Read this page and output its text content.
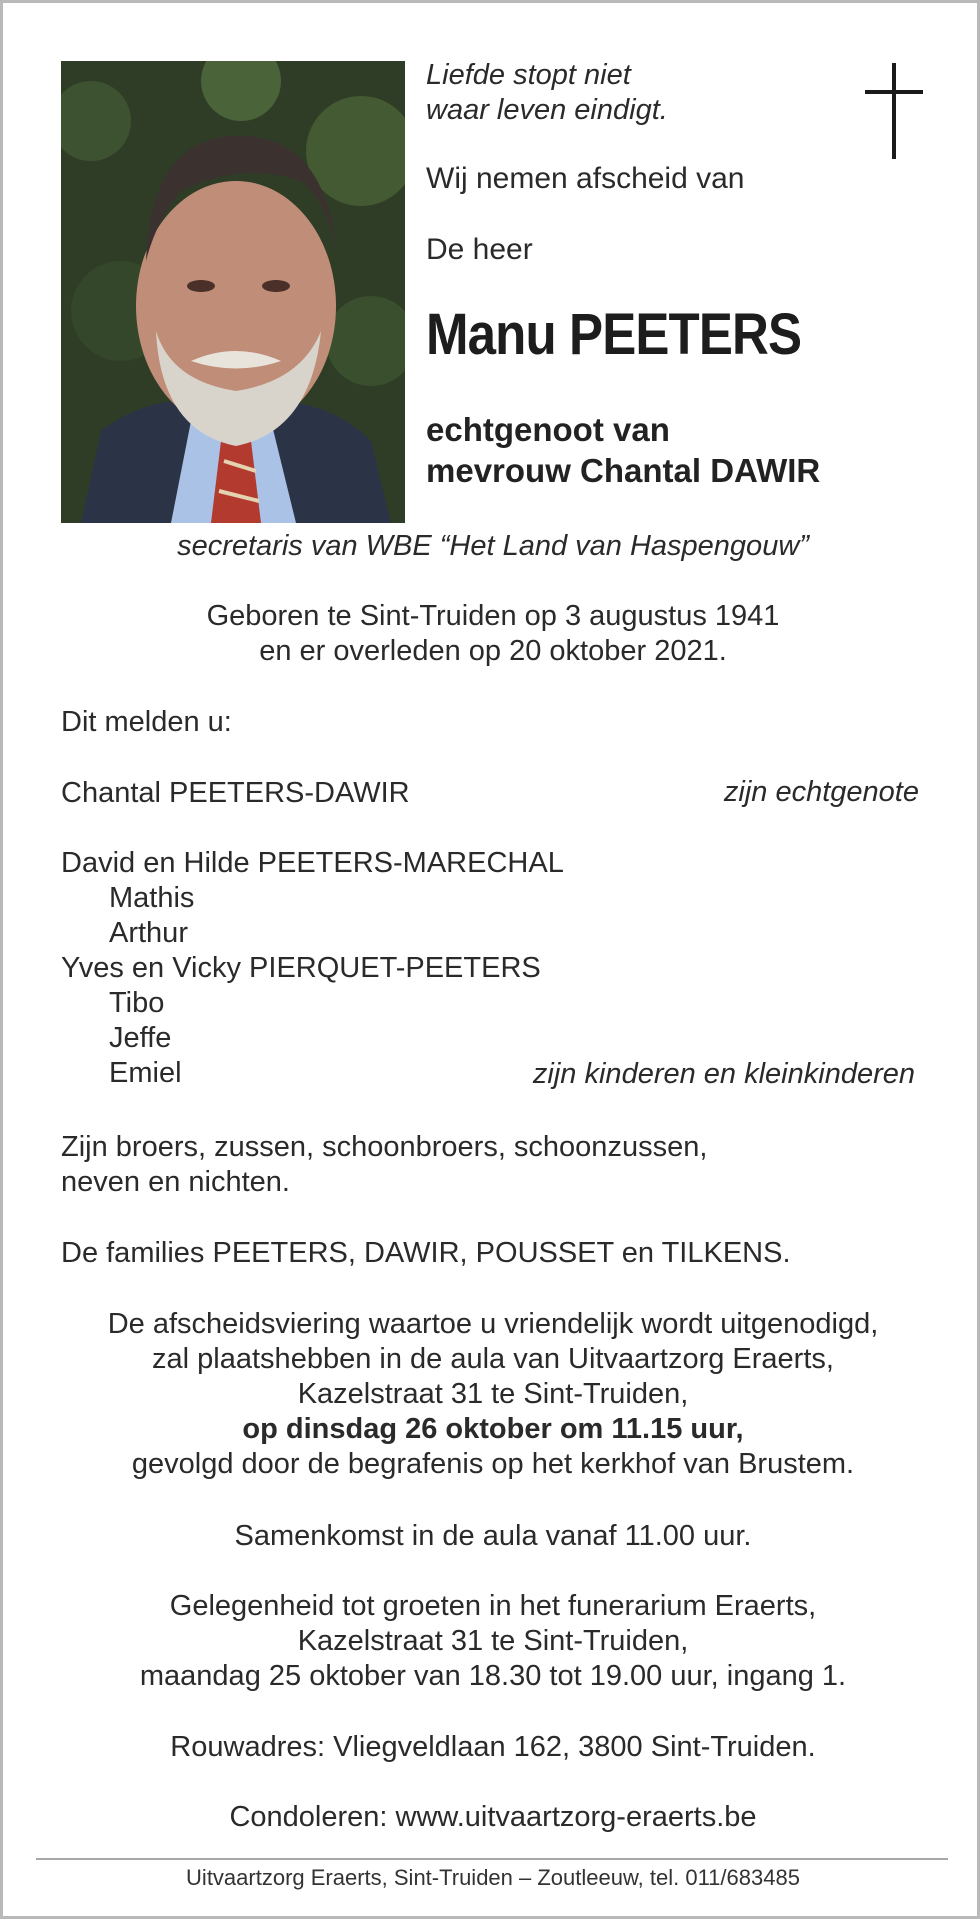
Liefde stopt niet
waar leven eindigt.
Wij nemen afscheid van
De heer
Manu PEETERS
echtgenoot van
mevrouw Chantal DAWIR
secretaris van WBE “Het Land van Haspengouw”
Geboren te Sint-Truiden op 3 augustus 1941
en er overleden op 20 oktober 2021.
Dit melden u:
Chantal PEETERS-DAWIR	zijn echtgenote
David en Hilde PEETERS-MARECHAL
Mathis
Arthur
Yves en Vicky PIERQUET-PEETERS
Tibo
Jeffe
Emiel	zijn kinderen en kleinkinderen
Zijn broers, zussen, schoonbroers, schoonzussen,
neven en nichten.
De families PEETERS, DAWIR, POUSSET en TILKENS.
De afscheidsviering waartoe u vriendelijk wordt uitgenodigd,
zal plaatshebben in de aula van Uitvaartzorg Eraerts,
Kazelstraat 31 te Sint-Truiden,
op dinsdag 26 oktober om 11.15 uur,
gevolgd door de begrafenis op het kerkhof van Brustem.
Samenkomst in de aula vanaf 11.00 uur.
Gelegenheid tot groeten in het funerarium Eraerts,
Kazelstraat 31 te Sint-Truiden,
maandag 25 oktober van 18.30 tot 19.00 uur, ingang 1.
Rouwadres: Vliegveldlaan 162, 3800 Sint-Truiden.
Condoleren: www.uitvaartzorg-eraerts.be
Uitvaartzorg Eraerts, Sint-Truiden – Zoutleeuw, tel. 011/683485
